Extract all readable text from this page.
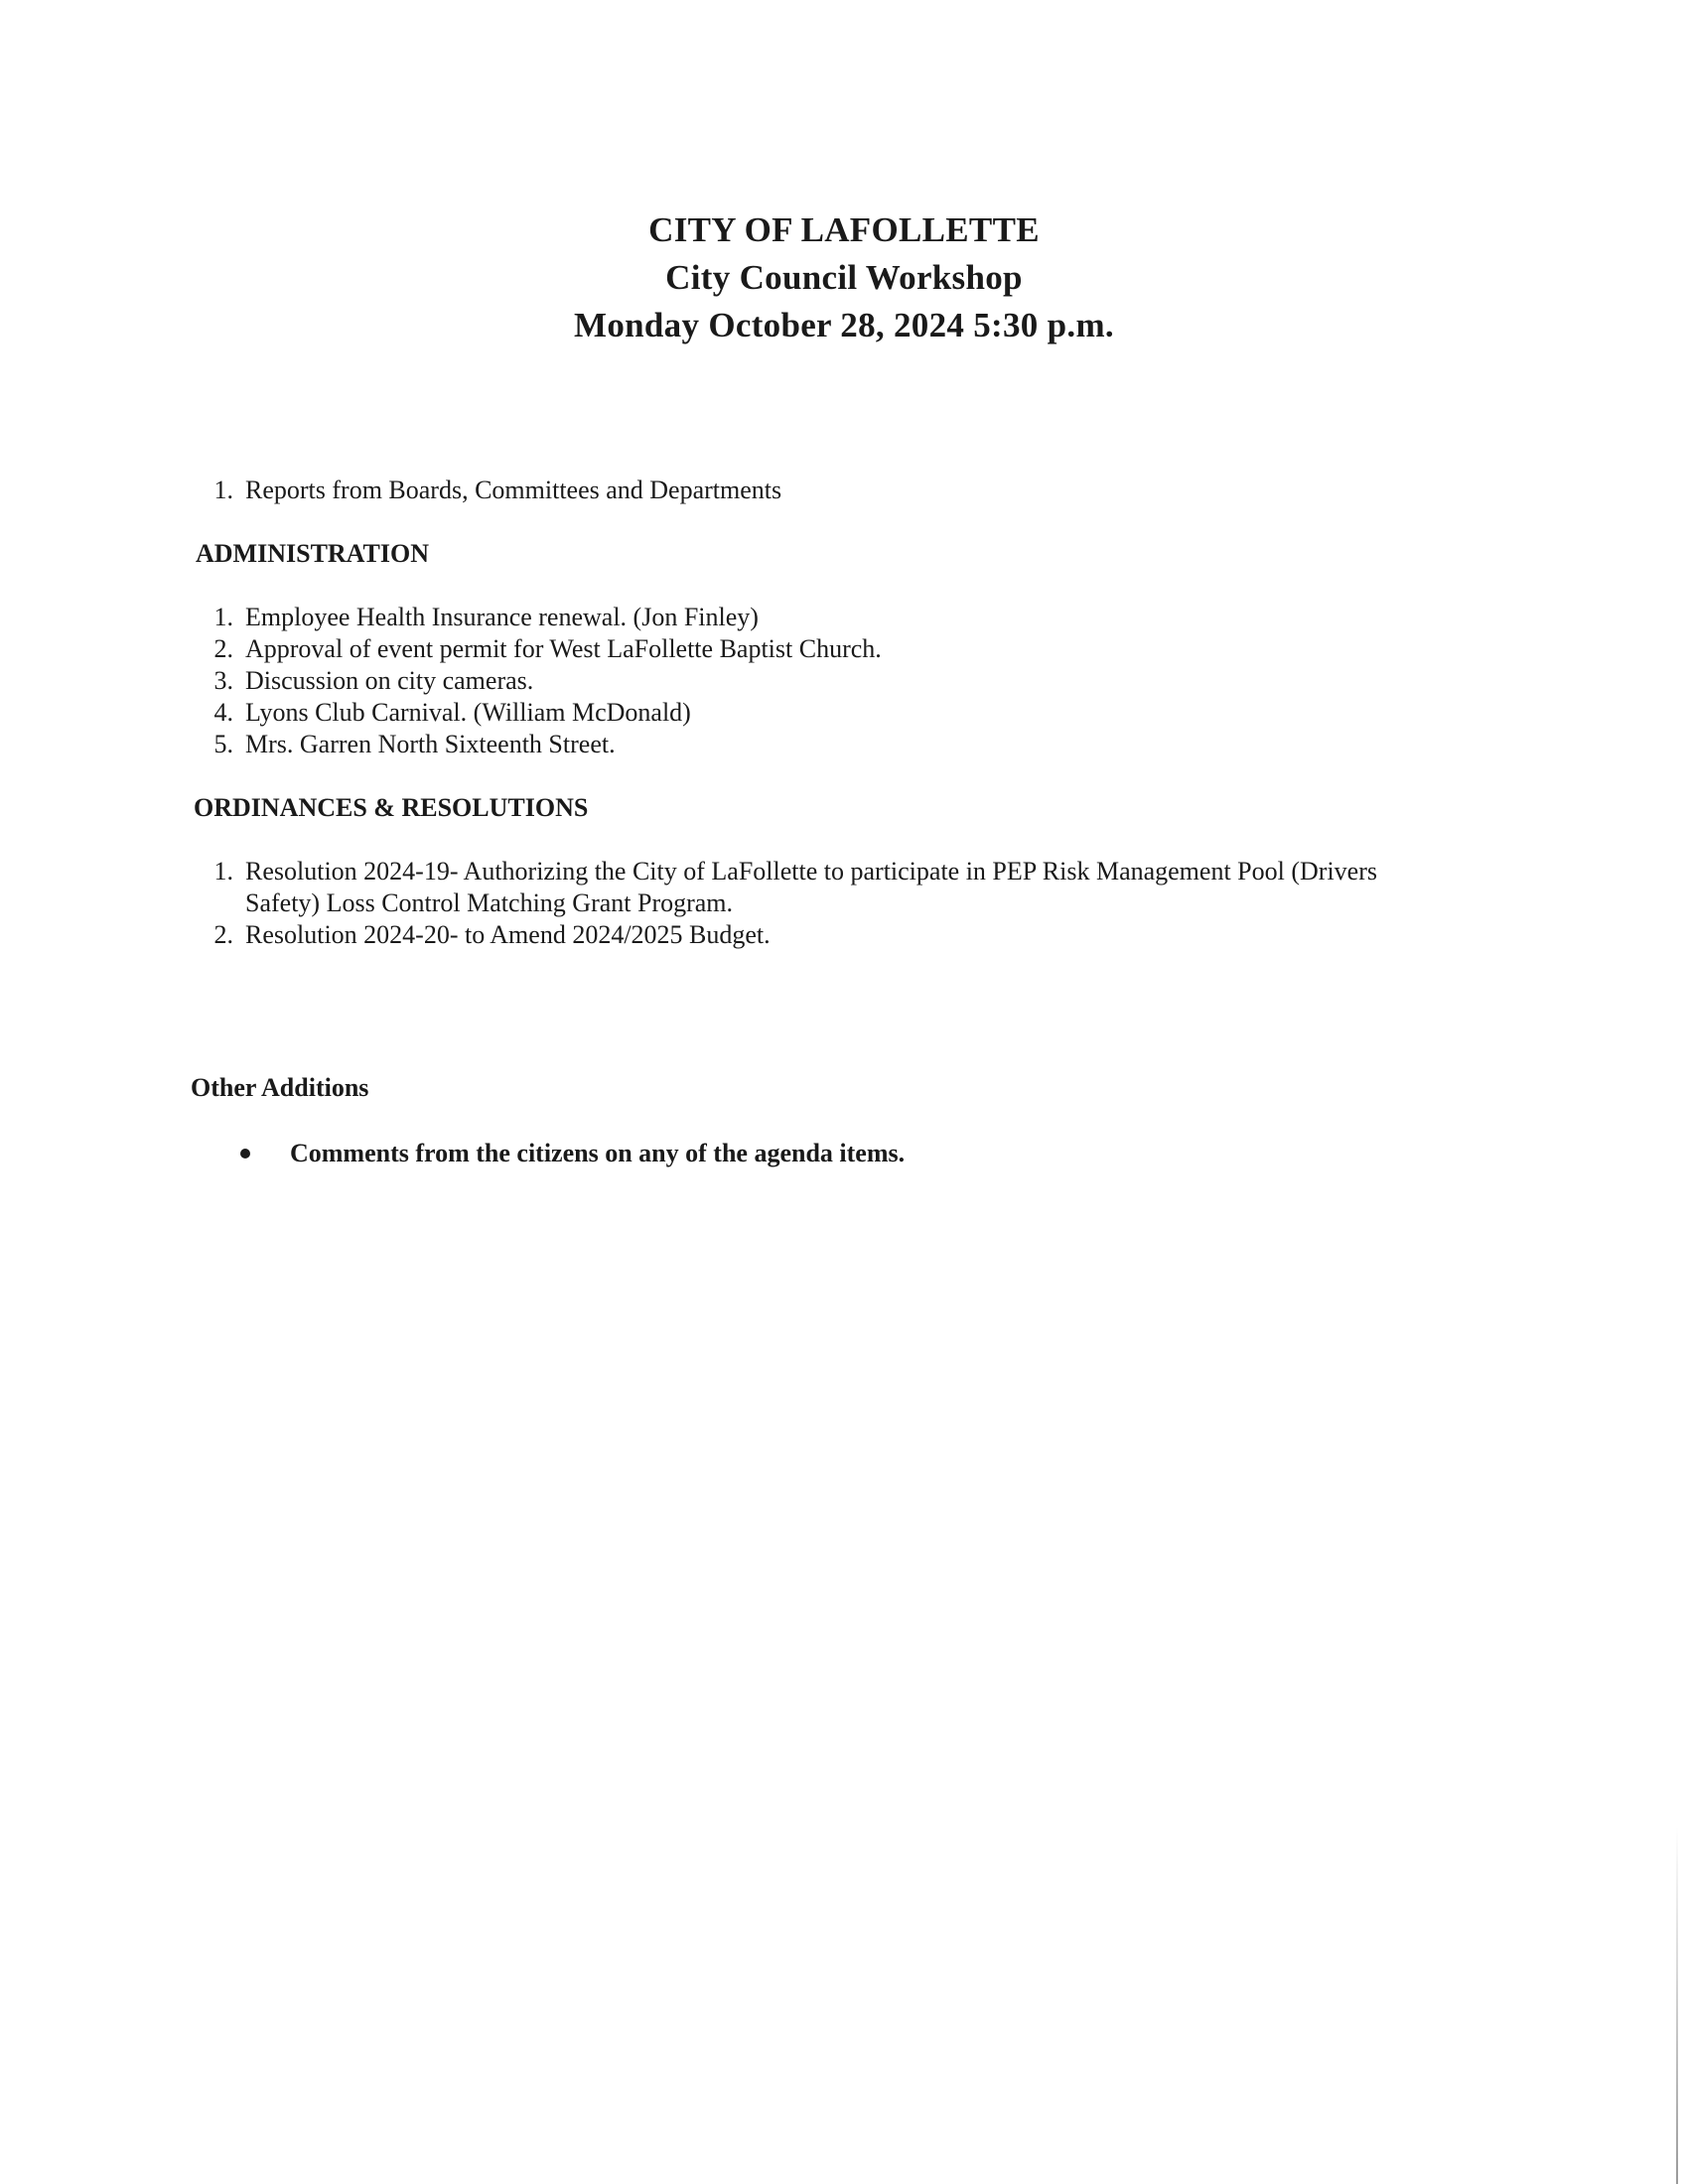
CITY OF LAFOLLETTE
City Council Workshop
Monday October 28, 2024 5:30 p.m.
1. Reports from Boards, Committees and Departments
ADMINISTRATION
1. Employee Health Insurance renewal. (Jon Finley)
2. Approval of event permit for West LaFollette Baptist Church.
3. Discussion on city cameras.
4. Lyons Club Carnival. (William McDonald)
5. Mrs. Garren North Sixteenth Street.
ORDINANCES & RESOLUTIONS
1. Resolution 2024-19- Authorizing the City of LaFollette to participate in PEP Risk Management Pool (Drivers Safety) Loss Control Matching Grant Program.
2. Resolution 2024-20- to Amend 2024/2025 Budget.
Other Additions
Comments from the citizens on any of the agenda items.
